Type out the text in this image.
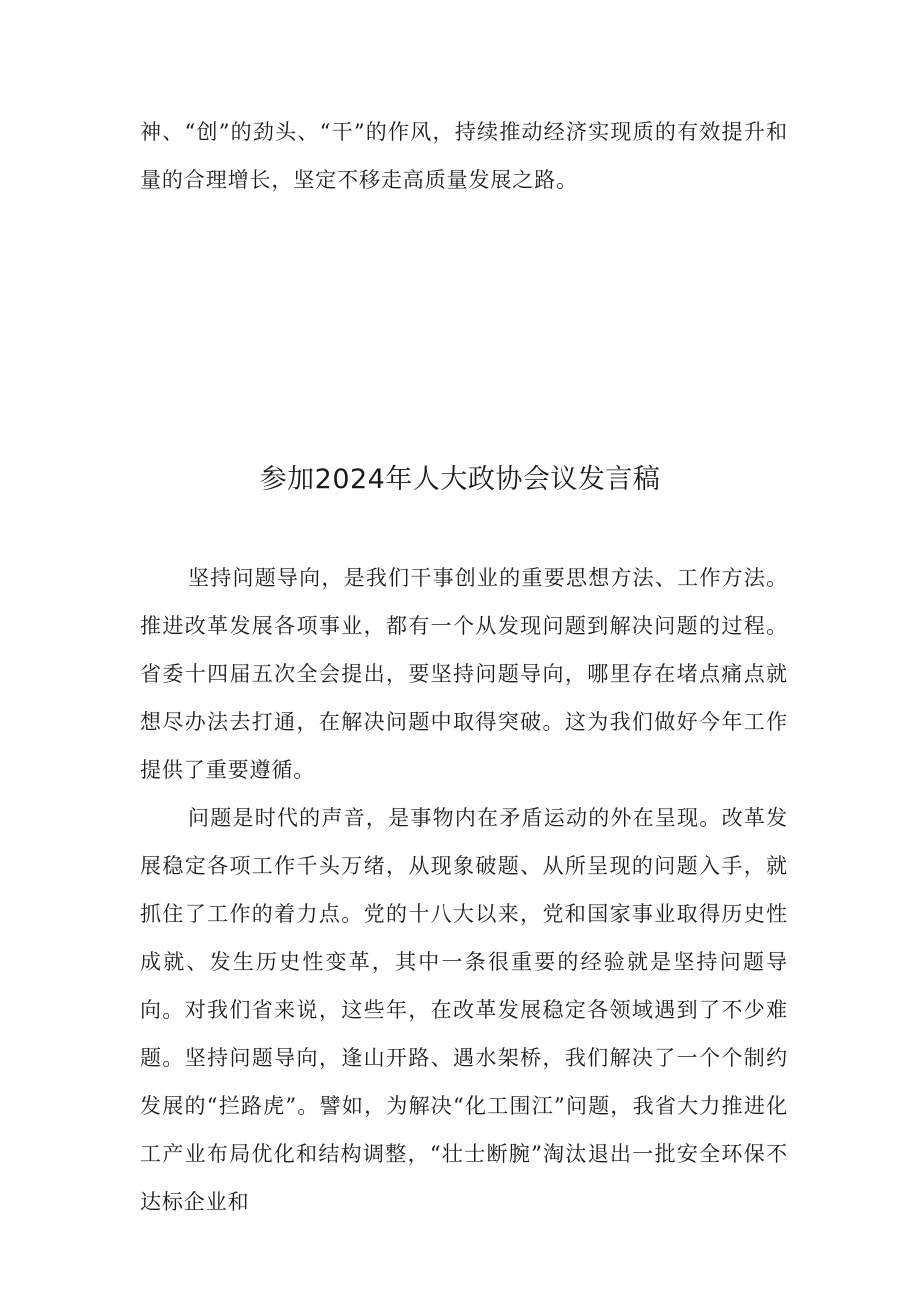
神、“创”的劲头、“干”的作风，持续推动经济实现质的有效提升和量的合理增长，坚定不移走高质量发展之路。

参加2024年人大政协会议发言稿

坚持问题导向，是我们干事创业的重要思想方法、工作方法。推进改革发展各项事业，都有一个从发现问题到解决问题的过程。省委十四届五次全会提出，要坚持问题导向，哪里存在堵点痛点就想尽办法去打通，在解决问题中取得突破。这为我们做好今年工作提供了重要遵循。

问题是时代的声音，是事物内在矛盾运动的外在呈现。改革发展稳定各项工作千头万绪，从现象破题、从所呈现的问题入手，就抓住了工作的着力点。党的十八大以来，党和国家事业取得历史性成就、发生历史性变革，其中一条很重要的经验就是坚持问题导向。对我们省来说，这些年，在改革发展稳定各领域遇到了不少难题。坚持问题导向，逢山开路、遇水架桥，我们解决了一个个制约发展的“拦路虎”。譬如，为解决“化工围江”问题，我省大力推进化工产业布局优化和结构调整，“壮士断腕”淘汰退出一批安全环保不达标企业和
